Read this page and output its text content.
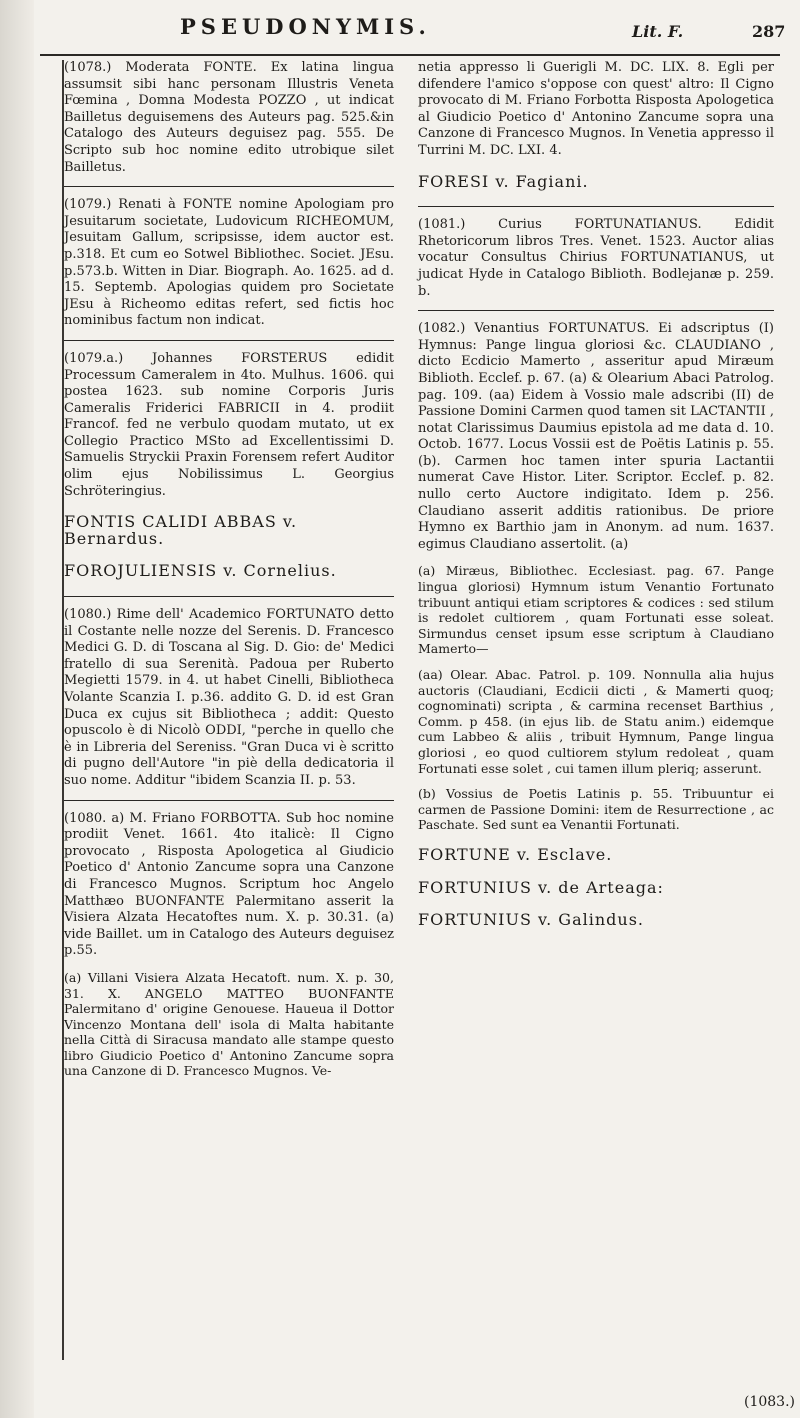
PSEUDONYMIS.	Lit. F.	287

(1078.) Moderata FONTE. Ex latina lingua assumsit sibi hanc personam Illustris Veneta Fœmina , Domna Modesta POZZO , ut indicat Bailletus deguisemens des Auteurs pag. 525.&in Catalogo des Auteurs deguisez pag. 555. De Scripto sub hoc nomine edito utrobique silet Bailletus.

(1079.) Renati à FONTE nomine Apologiam pro Jesuitarum societate, Ludovicum RICHEOMUM, Jesuitam Gallum, scripsisse, idem auctor est. p.318. Et cum eo Sotwel Bibliothec. Societ. JEsu. p.573.b. Witten in Diar. Biograph. Ao. 1625. ad d. 15. Septemb. Apologias quidem pro Societate JEsu à Richeomo editas refert, sed fictis hoc nominibus factum non indicat.

(1079.a.) Johannes FORSTERUS edidit Processum Cameralem in 4to. Mulhus. 1606. qui postea 1623. sub nomine Corporis Juris Cameralis Friderici FABRICII in 4. prodiit Francof. fed ne verbulo quodam mutato, ut ex Collegio Practico MSto ad Excellentissimi D. Samuelis Stryckii Praxin Forensem refert Auditor olim ejus Nobilissimus L. Georgius Schröteringius.

FONTIS CALIDI ABBAS v. Bernardus.
FOROJULIENSIS v. Cornelius.

(1080.) Rime dell' Academico FORTUNATO detto il Costante nelle nozze del Serenis. D. Francesco Medici G. D. di Toscana al Sig. D. Gio: de' Medici fratello di sua Serenità. Padoua per Ruberto Megietti 1579. in 4. ut habet Cinelli, Bibliotheca Volante Scanzia I. p.36. addito G. D. id est Gran Duca ex cujus sit Bibliotheca ; addit: Questo opuscolo è di Nicolò ODDI, "perche in quello che è in Libreria del Sereniss. "Gran Duca vi è scritto di pugno dell'Autore "in piè della dedicatoria il suo nome. Additur "ibidem Scanzia II. p. 53.

(1080. a) M. Friano FORBOTTA. Sub hoc nomine prodiit Venet. 1661. 4to italicè: Il Cigno provocato , Risposta Apologetica al Giudicio Poetico d' Antonio Zancume sopra una Canzone di Francesco Mugnos. Scriptum hoc Angelo Matthæo BUONFANTE Palermitano asserit la Visiera Alzata Hecatoftes num. X. p. 30.31. (a) vide Baillet. um in Catalogo des Auteurs deguisez p.55.

(a) Villani Visiera Alzata Hecatoft. num. X. p. 30, 31. X. ANGELO MATTEO BUONFANTE Palermitano d' origine Genouese. Haueua il Dottor Vincenzo Montana dell' isola di Malta habitante nella Città di Siracusa mandato alle stampe questo libro Giudicio Poetico d' Antonino Zancume sopra una Canzone di D. Francesco Mugnos. Ve-

netia appresso li Guerigli M. DC. LIX. 8. Egli per difendere l'amico s'oppose con quest' altro: Il Cigno provocato di M. Friano Forbotta Risposta Apologetica al Giudicio Poetico d' Antonino Zancume sopra una Canzone di Francesco Mugnos. In Venetia appresso il Turrini M. DC. LXI. 4.

FORESI v. Fagiani.

(1081.) Curius FORTUNATIANUS. Edidit Rhetoricorum libros Tres. Venet. 1523. Auctor alias vocatur Consultus Chirius FORTUNATIANUS, ut judicat Hyde in Catalogo Biblioth. Bodlejanæ p. 259. b.

(1082.) Venantius FORTUNATUS. Ei adscriptus (I) Hymnus: Pange lingua gloriosi &c. CLAUDIANO , dicto Ecdicio Mamerto , asseritur apud Miræum Biblioth. Ecclef. p. 67. (a) & Olearium Abaci Patrolog. pag. 109. (aa) Eidem à Vossio male adscribi (II) de Passione Domini Carmen quod tamen sit LACTANTII , notat Clarissimus Daumius epistola ad me data d. 10. Octob. 1677. Locus Vossii est de Poëtis Latinis p. 55. (b). Carmen hoc tamen inter spuria Lactantii numerat Cave Histor. Liter. Scriptor. Ecclef. p. 82. nullo certo Auctore indigitato. Idem p. 256. Claudiano asserit additis rationibus. De priore Hymno ex Barthio jam in Anonym. ad num. 1637. egimus Claudiano assertolit. (a)

(a) Miræus, Bibliothec. Ecclesiast. pag. 67. Pange lingua gloriosi) Hymnum istum Venantio Fortunato tribuunt antiqui etiam scriptores & codices : sed stilum is redolet cultiorem , quam Fortunati esse soleat. Sirmundus censet ipsum esse scriptum à Claudiano Mamerto—

(aa) Olear. Abac. Patrol. p. 109. Nonnulla alia hujus auctoris (Claudiani, Ecdicii dicti , & Mamerti quoq; cognominati) scripta , & carmina recenset Barthius , Comm. p 458. (in ejus lib. de Statu anim.) eidemque cum Labbeo & aliis , tribuit Hymnum, Pange lingua gloriosi , eo quod cultiorem stylum redoleat , quam Fortunati esse solet , cui tamen illum pleriq; asserunt.

(b) Vossius de Poetis Latinis p. 55. Tribuuntur ei carmen de Passione Domini: item de Resurrectione , ac Paschate. Sed sunt ea Venantii Fortunati.

FORTUNE v. Esclave.
FORTUNIUS v. de Arteaga:
FORTUNIUS v. Galindus.
(1083.)
